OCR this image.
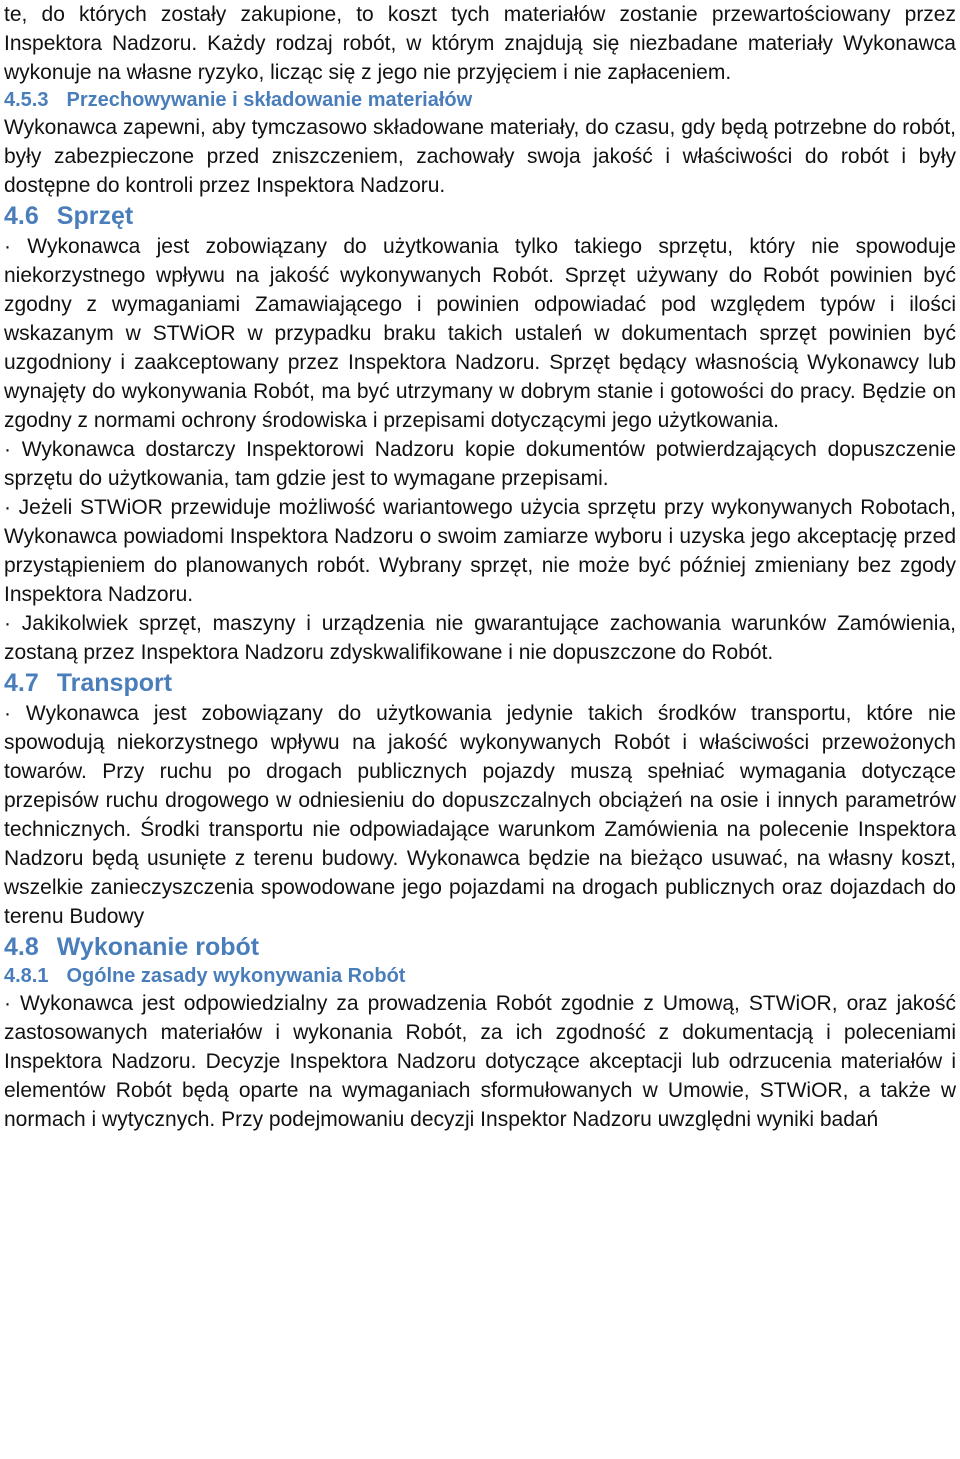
te, do których zostały zakupione, to koszt tych materiałów zostanie przewartościowany przez Inspektora Nadzoru. Każdy rodzaj robót, w którym znajdują się niezbadane materiały Wykonawca wykonuje na własne ryzyko, licząc się z jego nie przyjęciem i nie zapłaceniem.

4.5.3 Przechowywanie i składowanie materiałów

Wykonawca zapewni, aby tymczasowo składowane materiały, do czasu, gdy będą potrzebne do robót, były zabezpieczone przed zniszczeniem, zachowały swoja jakość i właściwości do robót i były dostępne do kontroli przez Inspektora Nadzoru.

4.6 Sprzęt

· Wykonawca jest zobowiązany do użytkowania tylko takiego sprzętu, który nie spowoduje niekorzystnego wpływu na jakość wykonywanych Robót. Sprzęt używany do Robót powinien być zgodny z wymaganiami Zamawiającego i powinien odpowiadać pod względem typów i ilości wskazanym w STWiOR w przypadku braku takich ustaleń w dokumentach sprzęt powinien być uzgodniony i zaakceptowany przez Inspektora Nadzoru. Sprzęt będący własnością Wykonawcy lub wynajęty do wykonywania Robót, ma być utrzymany w dobrym stanie i gotowości do pracy. Będzie on zgodny z normami ochrony środowiska i przepisami dotyczącymi jego użytkowania.

· Wykonawca dostarczy Inspektorowi Nadzoru kopie dokumentów potwierdzających dopuszczenie sprzętu do użytkowania, tam gdzie jest to wymagane przepisami.

· Jeżeli STWiOR przewiduje możliwość wariantowego użycia sprzętu przy wykonywanych Robotach, Wykonawca powiadomi Inspektora Nadzoru o swoim zamiarze wyboru i uzyska jego akceptację przed przystąpieniem do planowanych robót. Wybrany sprzęt, nie może być później zmieniany bez zgody Inspektora Nadzoru.

· Jakikolwiek sprzęt, maszyny i urządzenia nie gwarantujące zachowania warunków Zamówienia, zostaną przez Inspektora Nadzoru zdyskwalifikowane i nie dopuszczone do Robót.

4.7 Transport

· Wykonawca jest zobowiązany do użytkowania jedynie takich środków transportu, które nie spowodują niekorzystnego wpływu na jakość wykonywanych Robót i właściwości przewożonych towarów. Przy ruchu po drogach publicznych pojazdy muszą spełniać wymagania dotyczące przepisów ruchu drogowego w odniesieniu do dopuszczalnych obciążeń na osie i innych parametrów technicznych. Środki transportu nie odpowiadające warunkom Zamówienia na polecenie Inspektora Nadzoru będą usunięte z terenu budowy. Wykonawca będzie na bieżąco usuwać, na własny koszt, wszelkie zanieczyszczenia spowodowane jego pojazdami na drogach publicznych oraz dojazdach do terenu Budowy

4.8 Wykonanie robót
4.8.1 Ogólne zasady wykonywania Robót

· Wykonawca jest odpowiedzialny za prowadzenia Robót zgodnie z Umową, STWiOR, oraz jakość zastosowanych materiałów i wykonania Robót, za ich zgodność z dokumentacją i poleceniami Inspektora Nadzoru. Decyzje Inspektora Nadzoru dotyczące akceptacji lub odrzucenia materiałów i elementów Robót będą oparte na wymaganiach sformułowanych w Umowie, STWiOR, a także w normach i wytycznych. Przy podejmowaniu decyzji Inspektor Nadzoru uwzględni wyniki badań
